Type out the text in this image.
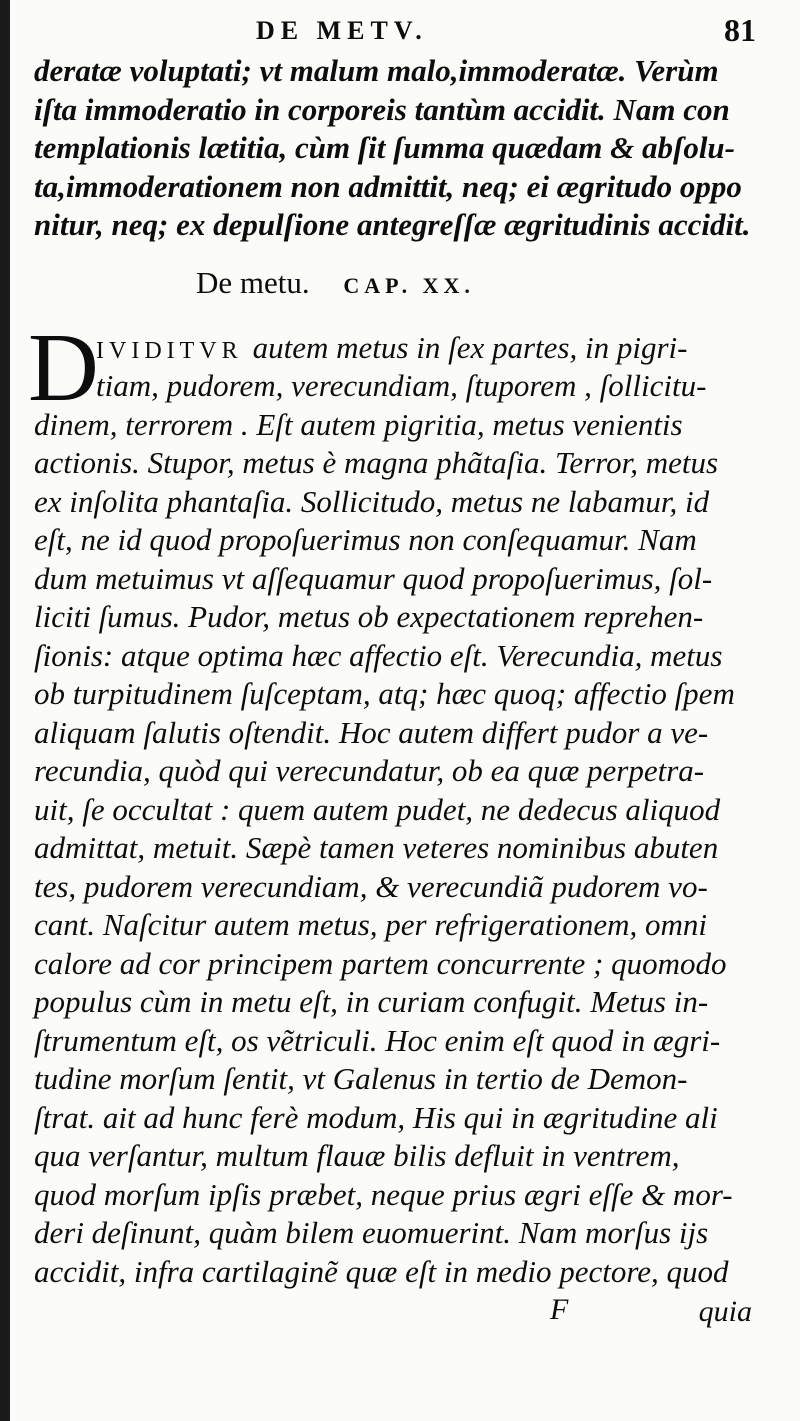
DE METV.	81
deratæ voluptati; vt malum malo,immoderatæ. Verùm
iſta immoderatio in corporeis tantùm accidit. Nam con
templationis lætitia, cùm ſit ſumma quædam & abſolu-
ta,immoderationem non admittit, neq; ei ægritudo oppo
nitur, neq; ex depulſione antegreſſæ ægritudinis accidit.
De metu. CAP. XX.
D
IVIDITVR autem metus in ſex partes, in pigri-
tiam, pudorem, verecundiam, ſtuporem , ſollicitu-
dinem, terrorem . Eſt autem pigritia, metus venientis
actionis. Stupor, metus è magna phãtaſia. Terror, metus
ex inſolita phantaſia. Sollicitudo, metus ne labamur, id
eſt, ne id quod propoſuerimus non conſequamur. Nam
dum metuimus vt aſſequamur quod propoſuerimus, ſol-
liciti ſumus. Pudor, metus ob expectationem reprehen-
ſionis: atque optima hæc affectio eſt. Verecundia, metus
ob turpitudinem ſuſceptam, atq; hæc quoq; affectio ſpem
aliquam ſalutis oſtendit. Hoc autem differt pudor a ve-
recundia, quòd qui verecundatur, ob ea quæ perpetra-
uit, ſe occultat : quem autem pudet, ne dedecus aliquod
admittat, metuit. Sæpè tamen veteres nominibus abuten
tes, pudorem verecundiam, & verecundiã pudorem vo-
cant. Naſcitur autem metus, per refrigerationem, omni
calore ad cor principem partem concurrente ; quomodo
populus cùm in metu eſt, in curiam confugit. Metus in-
ſtrumentum eſt, os vẽtriculi. Hoc enim eſt quod in ægri-
tudine morſum ſentit, vt Galenus in tertio de Demon-
ſtrat. ait ad hunc ferè modum, His qui in ægritudine ali
qua verſantur, multum flauæ bilis defluit in ventrem,
quod morſum ipſis præbet, neque prius ægri eſſe & mor-
deri deſinunt, quàm bilem euomuerint. Nam morſus ijs
accidit, infra cartilaginẽ quæ eſt in medio pectore, quod
F	quia
